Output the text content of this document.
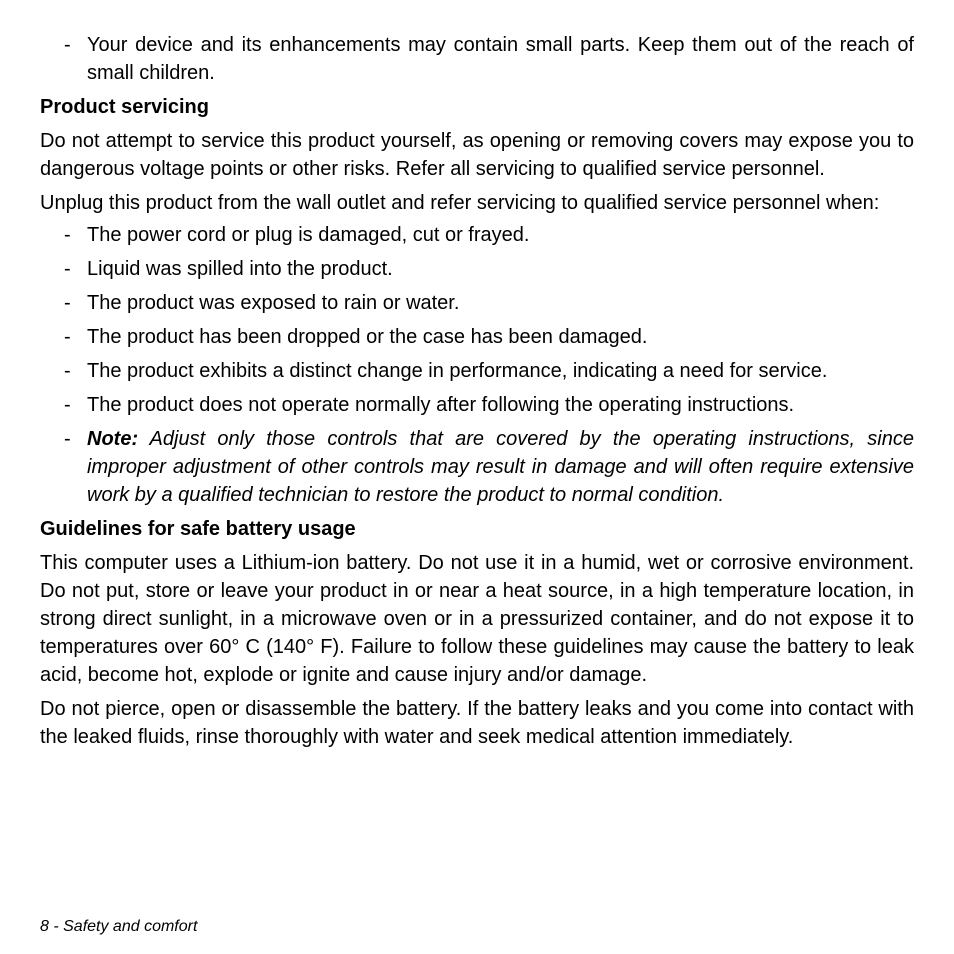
- Your device and its enhancements may contain small parts. Keep them out of the reach of small children.

Product servicing

Do not attempt to service this product yourself, as opening or removing covers may expose you to dangerous voltage points or other risks. Refer all servicing to qualified service personnel.

Unplug this product from the wall outlet and refer servicing to qualified service personnel when:

- The power cord or plug is damaged, cut or frayed.
- Liquid was spilled into the product.
- The product was exposed to rain or water.
- The product has been dropped or the case has been damaged.
- The product exhibits a distinct change in performance, indicating a need for service.
- The product does not operate normally after following the operating instructions.
- Note: Adjust only those controls that are covered by the operating instructions, since improper adjustment of other controls may result in damage and will often require extensive work by a qualified technician to restore the product to normal condition.

Guidelines for safe battery usage

This computer uses a Lithium-ion battery. Do not use it in a humid, wet or corrosive environment. Do not put, store or leave your product in or near a heat source, in a high temperature location, in strong direct sunlight, in a microwave oven or in a pressurized container, and do not expose it to temperatures over 60° C (140° F). Failure to follow these guidelines may cause the battery to leak acid, become hot, explode or ignite and cause injury and/or damage.

Do not pierce, open or disassemble the battery. If the battery leaks and you come into contact with the leaked fluids, rinse thoroughly with water and seek medical attention immediately.

8 - Safety and comfort
